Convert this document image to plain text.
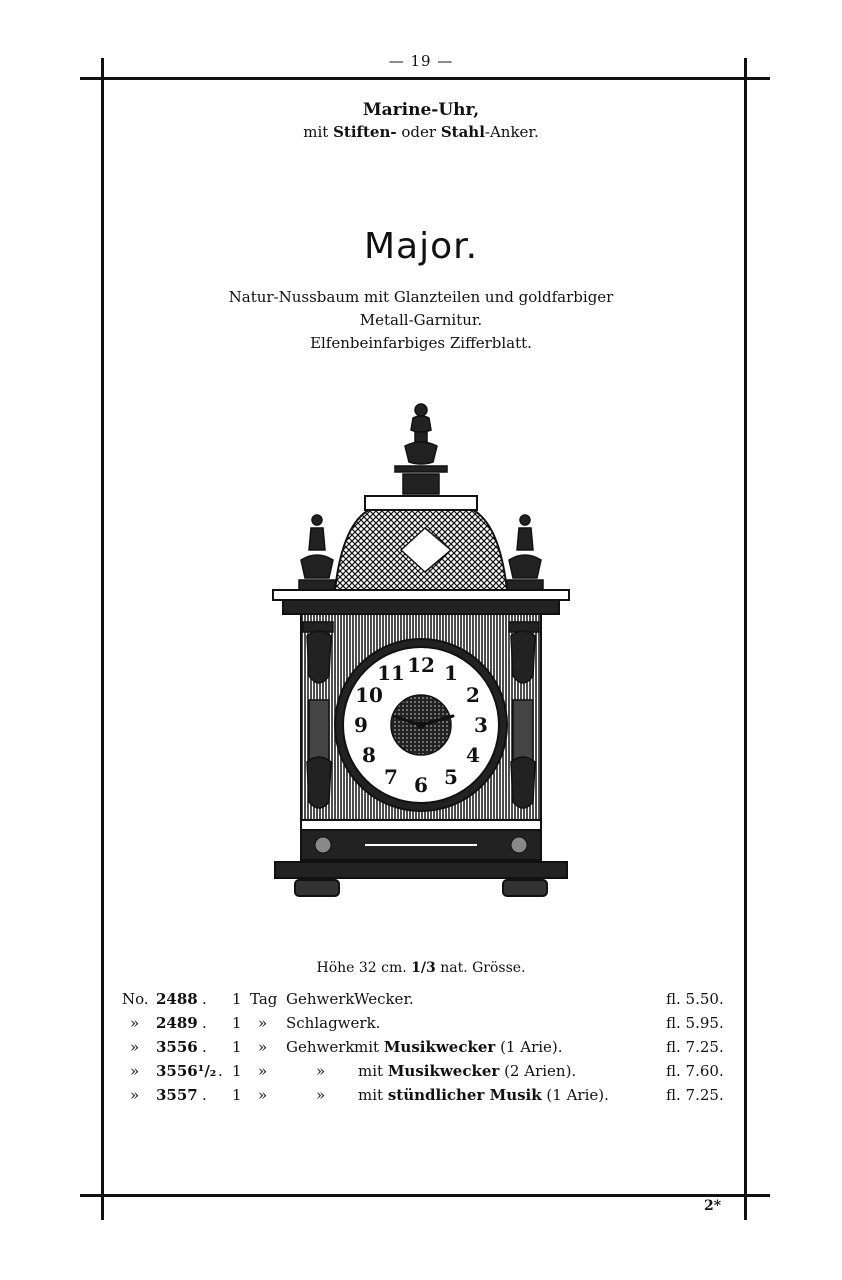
— 19 —
Marine-Uhr,
mit Stiften- oder Stahl-Anker.
Major.
Natur-Nussbaum mit Glanzteilen und goldfarbiger
Metall-Garnitur.
Elfenbeinfarbiges Zifferblatt.
12 1
2
3
4
5
6
7
8
9
10
11
Höhe 32 cm. 1/3 nat. Grösse.
No. 2488 . 1 Tag Gehwerk Wecker.	fl. 5.50.
» 2489 . 1 » Schlagwerk.	fl. 5.95.
» 3556 . 1 » Gehwerk mit Musikwecker (1 Arie).	fl. 7.25.
» 3556¹/₂ . 1 »	» mit Musikwecker (2 Arien).	fl. 7.60.
» 3557 . 1 »	» mit stündlicher Musik (1 Arie).	fl. 7.25.
2*
